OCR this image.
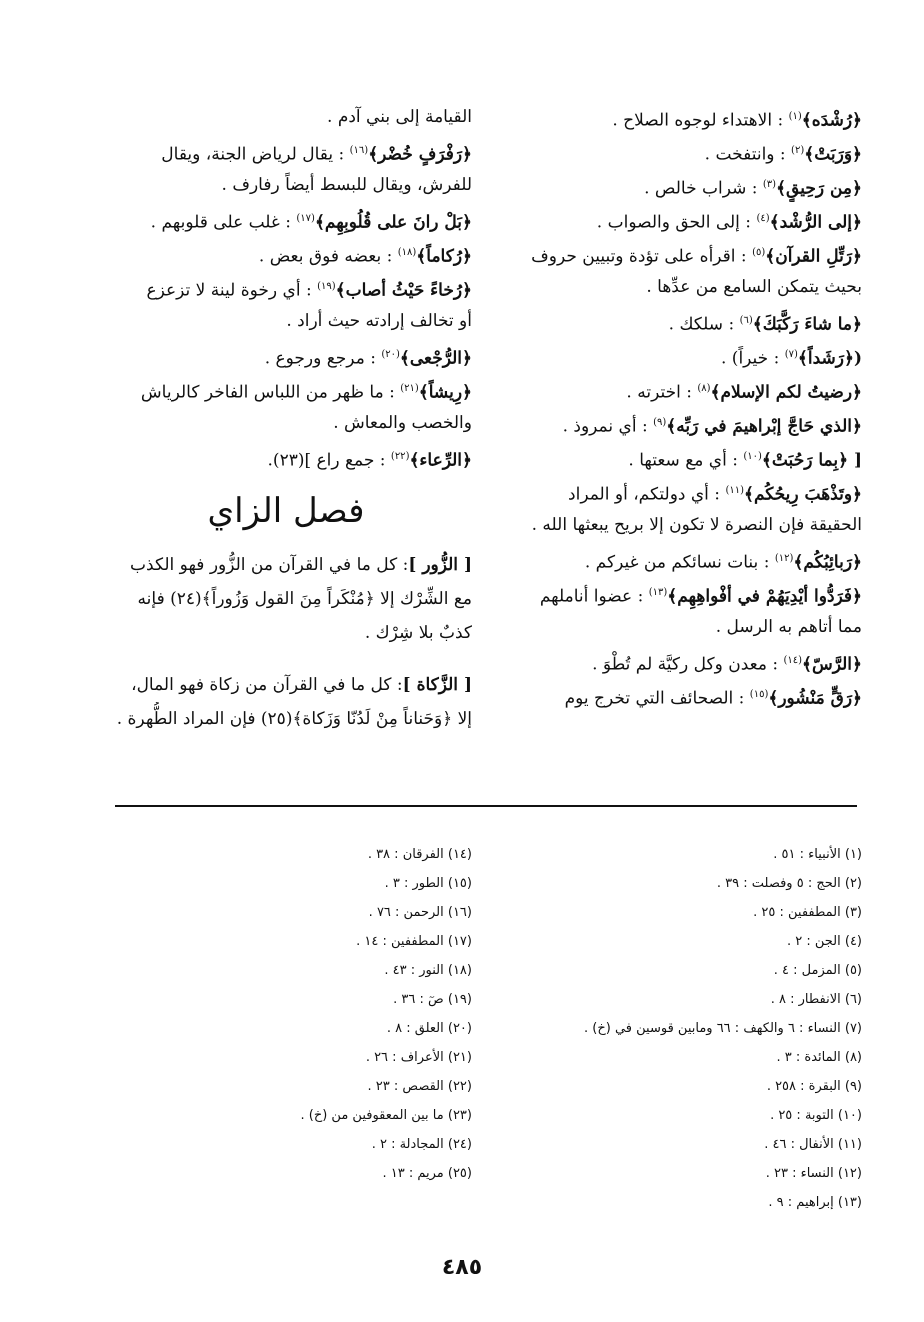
﴿رُشْدَه﴾$^{(١)}$ : الاهتداء لوجوه الصلاح .
﴿وَرَبَتْ﴾$^{(٢)}$ : وانتفخت .
﴿مِن رَحِيقٍ﴾$^{(٣)}$ : شراب خالص .
﴿إلى الرُّشْد﴾$^{(٤)}$ : إلى الحق والصواب .
﴿رَتِّلِ القرآن﴾$^{(٥)}$ : اقرأه على تؤدة وتبيين حروف
بحيث يتمكن السامع من عدِّها .
﴿ما شاءَ رَكَّبَكَ﴾$^{(٦)}$ : سلكك .
(﴿رَشَداً﴾$^{(٧)}$ : خيراً) .
﴿رضيتُ لكم الإسلام﴾$^{(٨)}$ : اخترته .
﴿الذي حَاجَّ إبْراهيمَ في رَبِّه﴾$^{(٩)}$ : أي نمروذ .
[ ﴿بِما رَحُبَتْ﴾$^{(١٠)}$ : أي مع سعتها .
﴿وتَذْهَبَ رِيحُكُم﴾$^{(١١)}$ : أي دولتكم، أو المراد
الحقيقة فإن النصرة لا تكون إلا بريح يبعثها الله .
﴿رَبائِبُكُم﴾$^{(١٢)}$ : بنات نسائكم من غيركم .
﴿فَرَدُّوا أيْدِيَهُمْ في أفْواهِهِم﴾$^{(١٣)}$ : عضوا أناملهم
مما أتاهم به الرسل .
﴿الرَّسّ﴾$^{(١٤)}$ : معدن وكل ركيَّة لم تُطْوَ .
﴿رَقٍّ مَنْشُور﴾$^{(١٥)}$ : الصحائف التي تخرج يوم
القيامة إلى بني آدم .
﴿رَفْرَفٍ خُضْر﴾$^{(١٦)}$ : يقال لرياض الجنة، ويقال
للفرش، ويقال للبسط أيضاً رفارف .
﴿بَلْ رانَ على قُلُوبِهِم﴾$^{(١٧)}$ : غلب على قلوبهم .
﴿رُكاماً﴾$^{(١٨)}$ : بعضه فوق بعض .
﴿رُخاءً حَيْثُ أصاب﴾$^{(١٩)}$ : أي رخوة لينة لا تزعزع
أو تخالف إرادته حيث أراد .
﴿الرُّجْعى﴾$^{(٢٠)}$ : مرجع ورجوع .
﴿رِيشاً﴾$^{(٢١)}$ : ما ظهر من اللباس الفاخر كالرياش
والخصب والمعاش .
﴿الرِّعاء﴾$^{(٢٢)}$ : جمع راع ](٢٣).
فصل الزاي
[ الزُّور ]: كل ما في القرآن من الزُّور فهو الكذب
مع الشِّرْك إلا ﴿مُنْكَراً مِنَ القول وَزُوراً﴾(٢٤) فإنه
كذبٌ بلا شِرْك .
[ الزَّكاة ]: كل ما في القرآن من زكاة فهو المال،
إلا ﴿وَحَناناً مِنْ لَدُنّا وَزَكاة﴾(٢٥) فإن المراد الطُّهرة .
(١) الأنبياء : ٥١ .
(٢) الحج : ٥ وفصلت : ٣٩ .
(٣) المطففين : ٢٥ .
(٤) الجن : ٢ .
(٥) المزمل : ٤ .
(٦) الانفطار : ٨ .
(٧) النساء : ٦ والكهف : ٦٦ ومابين قوسين في (خ) .
(٨) المائدة : ٣ .
(٩) البقرة : ٢٥٨ .
(١٠) التوبة : ٢٥ .
(١١) الأنفال : ٤٦ .
(١٢) النساء : ٢٣ .
(١٣) إبراهيم : ٩ .
(١٤) الفرقان : ٣٨ .
(١٥) الطور : ٣ .
(١٦) الرحمن : ٧٦ .
(١٧) المطففين : ١٤ .
(١٨) النور : ٤٣ .
(١٩) صٓ : ٣٦ .
(٢٠) العلق : ٨ .
(٢١) الأعراف : ٢٦ .
(٢٢) القصص : ٢٣ .
(٢٣) ما بين المعقوفين من (خ) .
(٢٤) المجادلة : ٢ .
(٢٥) مريم : ١٣ .
٤٨٥
